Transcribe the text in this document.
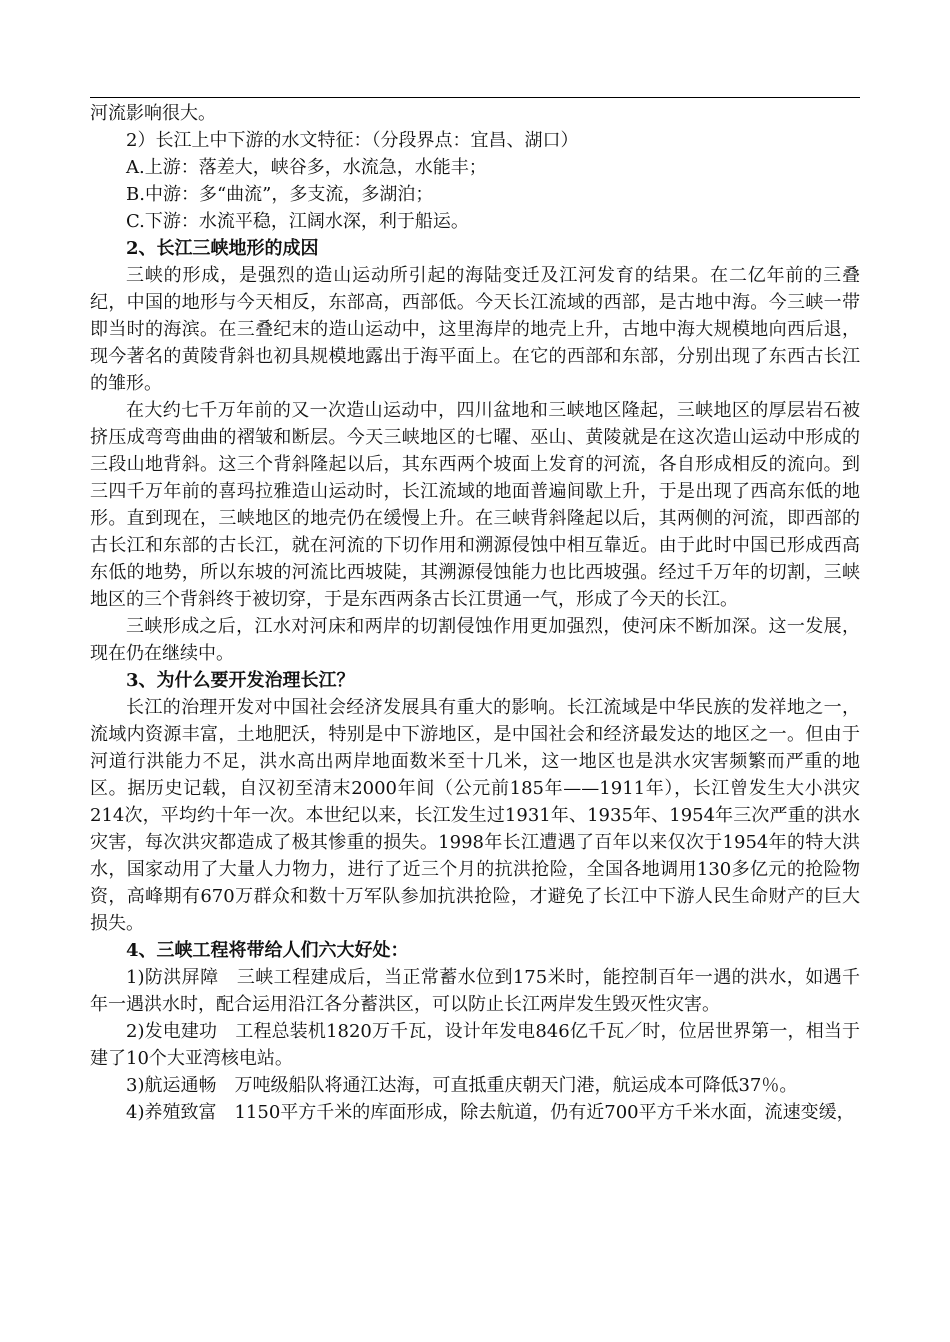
河流影响很大。

2）长江上中下游的水文特征：（分段界点：宜昌、湖口）

A.上游：落差大，峡谷多，水流急，水能丰；

B.中游：多“曲流”，多支流，多湖泊；

C.下游：水流平稳，江阔水深，利于船运。

2、长江三峡地形的成因

三峡的形成，是强烈的造山运动所引起的海陆变迁及江河发育的结果。在二亿年前的三叠纪，中国的地形与今天相反，东部高，西部低。今天长江流域的西部，是古地中海。今三峡一带即当时的海滨。在三叠纪末的造山运动中，这里海岸的地壳上升，古地中海大规模地向西后退，现今著名的黄陵背斜也初具规模地露出于海平面上。在它的西部和东部，分别出现了东西古长江的雏形。

在大约七千万年前的又一次造山运动中，四川盆地和三峡地区隆起，三峡地区的厚层岩石被挤压成弯弯曲曲的褶皱和断层。今天三峡地区的七曜、巫山、黄陵就是在这次造山运动中形成的三段山地背斜。这三个背斜隆起以后，其东西两个坡面上发育的河流，各自形成相反的流向。到三四千万年前的喜玛拉雅造山运动时，长江流域的地面普遍间歇上升，于是出现了西高东低的地形。直到现在，三峡地区的地壳仍在缓慢上升。在三峡背斜隆起以后，其两侧的河流，即西部的古长江和东部的古长江，就在河流的下切作用和溯源侵蚀中相互靠近。由于此时中国已形成西高东低的地势，所以东坡的河流比西坡陡，其溯源侵蚀能力也比西坡强。经过千万年的切割，三峡地区的三个背斜终于被切穿，于是东西两条古长江贯通一气，形成了今天的长江。

三峡形成之后，江水对河床和两岸的切割侵蚀作用更加强烈，使河床不断加深。这一发展，现在仍在继续中。

3、为什么要开发治理长江？

长江的治理开发对中国社会经济发展具有重大的影响。长江流域是中华民族的发祥地之一，流域内资源丰富，土地肥沃，特别是中下游地区，是中国社会和经济最发达的地区之一。但由于河道行洪能力不足，洪水高出两岸地面数米至十几米，这一地区也是洪水灾害频繁而严重的地区。据历史记载，自汉初至清末2000年间（公元前185年——1911年），长江曾发生大小洪灾214次，平均约十年一次。本世纪以来，长江发生过1931年、1935年、1954年三次严重的洪水灾害，每次洪灾都造成了极其惨重的损失。1998年长江遭遇了百年以来仅次于1954年的特大洪水，国家动用了大量人力物力，进行了近三个月的抗洪抢险，全国各地调用130多亿元的抢险物资，高峰期有670万群众和数十万军队参加抗洪抢险，才避免了长江中下游人民生命财产的巨大损失。

4、三峡工程将带给人们六大好处：

1)防洪屏障　三峡工程建成后，当正常蓄水位到175米时，能控制百年一遇的洪水，如遇千年一遇洪水时，配合运用沿江各分蓄洪区，可以防止长江两岸发生毁灭性灾害。

2)发电建功　工程总装机1820万千瓦，设计年发电846亿千瓦／时，位居世界第一，相当于建了10个大亚湾核电站。

3)航运通畅　万吨级船队将通江达海，可直抵重庆朝天门港，航运成本可降低37％。

4)养殖致富　1150平方千米的库面形成，除去航道，仍有近700平方千米水面，流速变缓，
